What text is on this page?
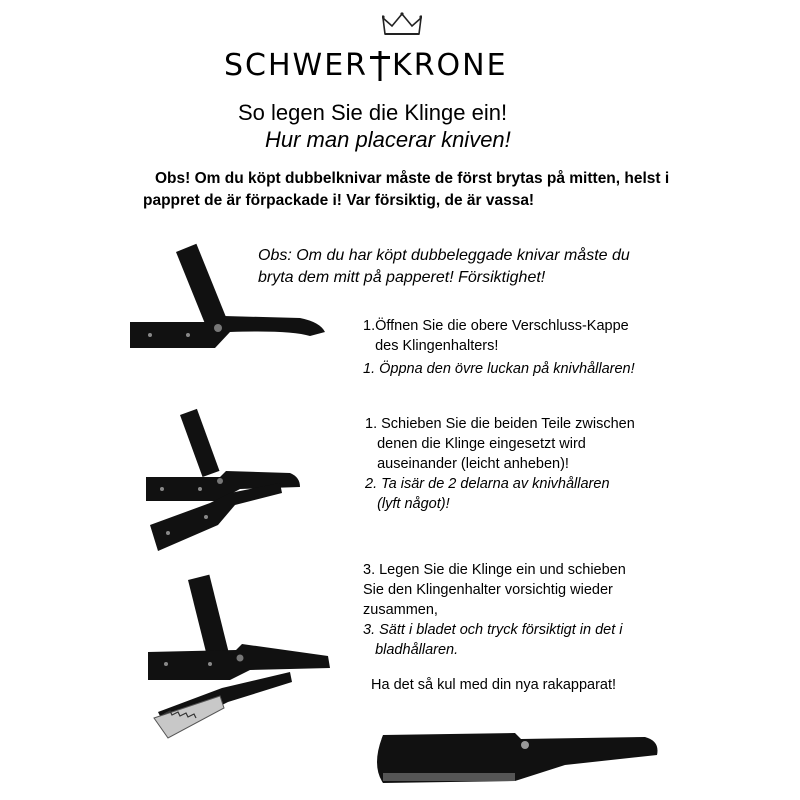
SCHWER KRONE
So legen Sie die Klinge ein!
Hur man placerar kniven!
Obs! Om du köpt dubbelknivar måste de först brytas på mitten, helst i pappret de är förpackade i! Var försiktig, de är vassa!
Obs: Om du har köpt dubbeleggade knivar måste du
bryta dem mitt på papperet! Försiktighet!
1.Öffnen Sie die obere Verschluss-Kappe
des Klingenhalters!
1. Öppna den övre luckan på knivhållaren!
1. Schieben Sie die beiden Teile zwischen
denen die Klinge eingesetzt wird
auseinander (leicht anheben)!
2. Ta isär de 2 delarna av knivhållaren
(lyft något)!
3. Legen Sie die Klinge ein und schieben
Sie den Klingenhalter vorsichtig wieder
zusammen,
3. Sätt i bladet och tryck försiktigt in det i
bladhållaren.
Ha det så kul med din nya rakapparat!
